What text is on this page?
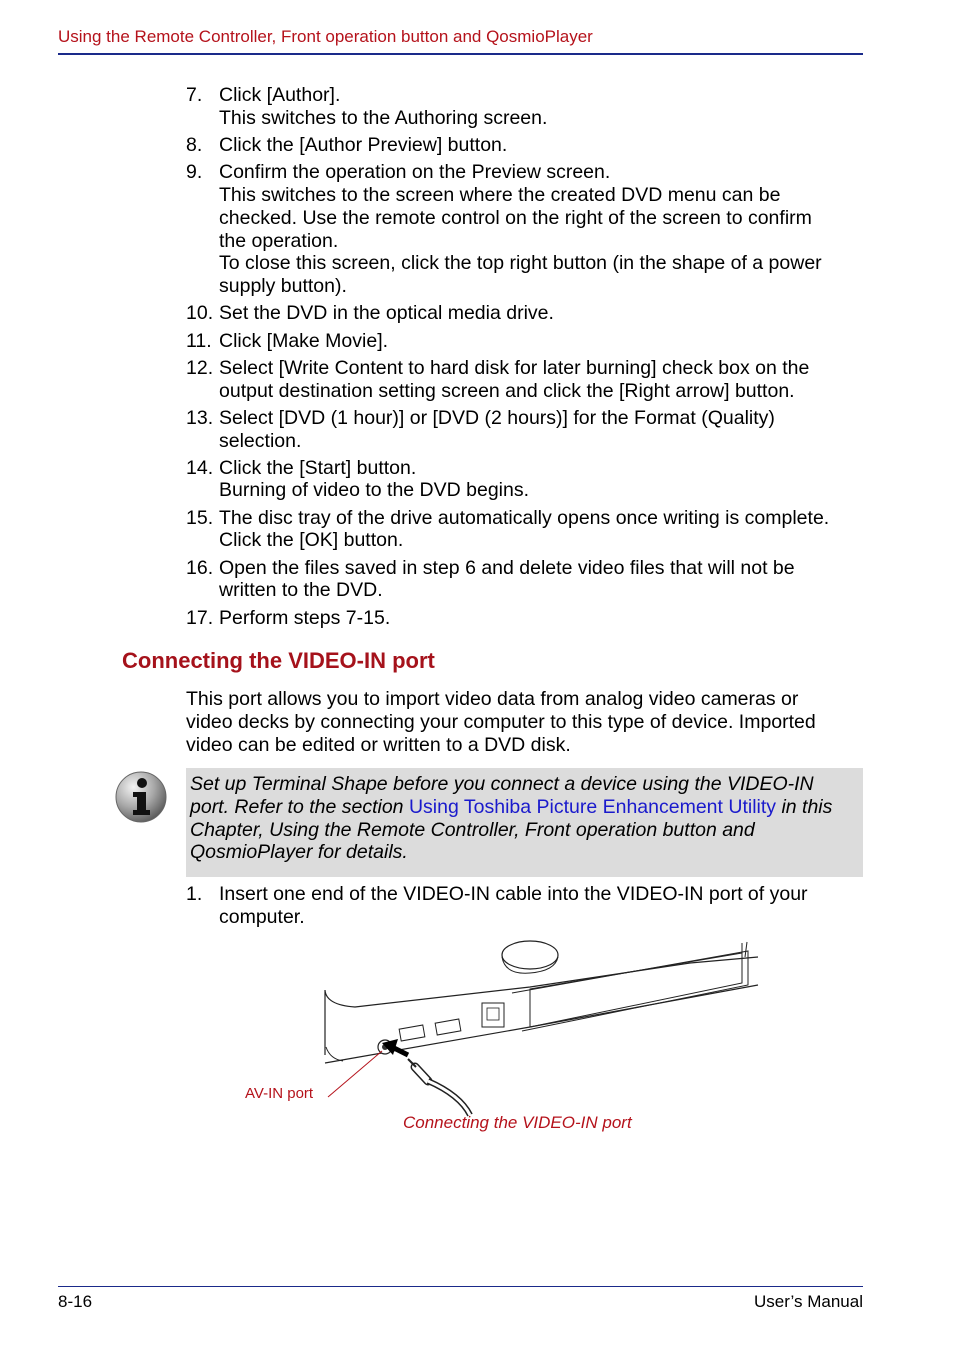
Using the Remote Controller, Front operation button and QosmioPlayer
7. Click [Author].
This switches to the Authoring screen.
8. Click the [Author Preview] button.
9. Confirm the operation on the Preview screen.
This switches to the screen where the created DVD menu can be
checked. Use the remote control on the right of the screen to confirm
the operation.
To close this screen, click the top right button (in the shape of a power
supply button).
10. Set the DVD in the optical media drive.
11. Click [Make Movie].
12. Select [Write Content to hard disk for later burning] check box on the
output destination setting screen and click the [Right arrow] button.
13. Select [DVD (1 hour)] or [DVD (2 hours)] for the Format (Quality)
selection.
14. Click the [Start] button.
Burning of video to the DVD begins.
15. The disc tray of the drive automatically opens once writing is complete.
Click the [OK] button.
16. Open the files saved in step 6 and delete video files that will not be
written to the DVD.
17. Perform steps 7-15.
Connecting the VIDEO-IN port
This port allows you to import video data from analog video cameras or
video decks by connecting your computer to this type of device. Imported
video can be edited or written to a DVD disk.
Set up Terminal Shape before you connect a device using the VIDEO-IN
port. Refer to the section Using Toshiba Picture Enhancement Utility in this
Chapter, Using the Remote Controller, Front operation button and
QosmioPlayer for details.
1. Insert one end of the VIDEO-IN cable into the VIDEO-IN port of your
computer.
AV-IN port
Connecting the VIDEO-IN port
8-16	User’s Manual
